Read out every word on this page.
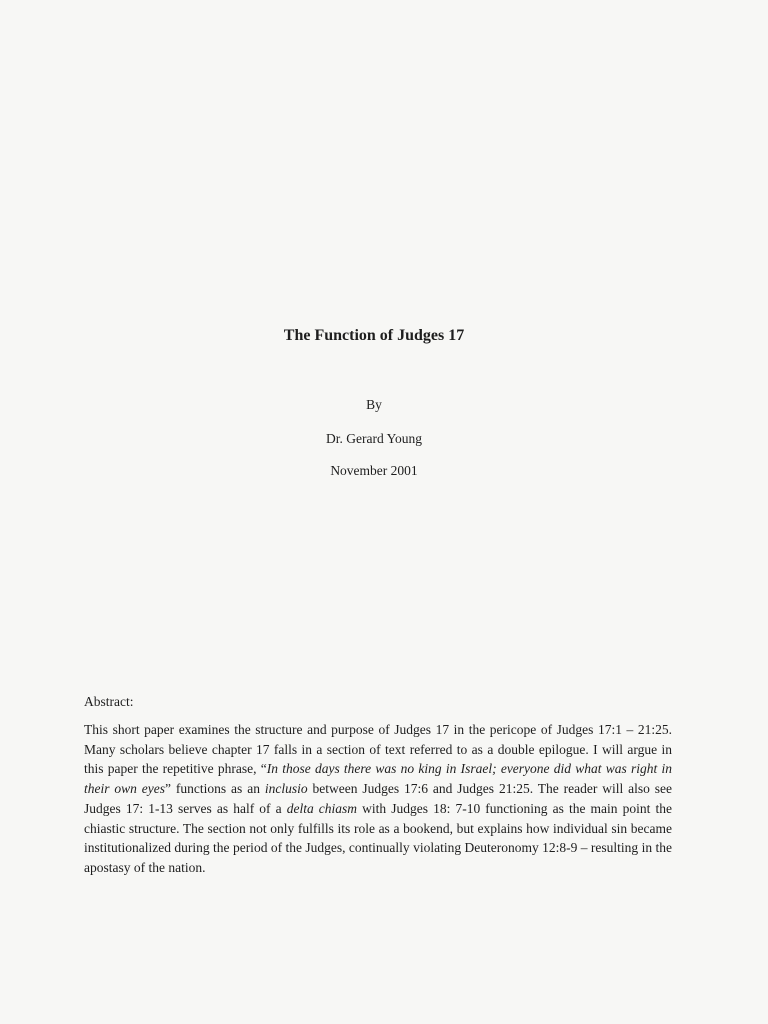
The Function of Judges 17
By
Dr. Gerard Young
November 2001
Abstract:

This short paper examines the structure and purpose of Judges 17 in the pericope of Judges 17:1 – 21:25. Many scholars believe chapter 17 falls in a section of text referred to as a double epilogue. I will argue in this paper the repetitive phrase, “In those days there was no king in Israel; everyone did what was right in their own eyes” functions as an inclusio between Judges 17:6 and Judges 21:25. The reader will also see Judges 17: 1-13 serves as half of a delta chiasm with Judges 18: 7-10 functioning as the main point the chiastic structure. The section not only fulfills its role as a bookend, but explains how individual sin became institutionalized during the period of the Judges, continually violating Deuteronomy 12:8-9 – resulting in the apostasy of the nation.
